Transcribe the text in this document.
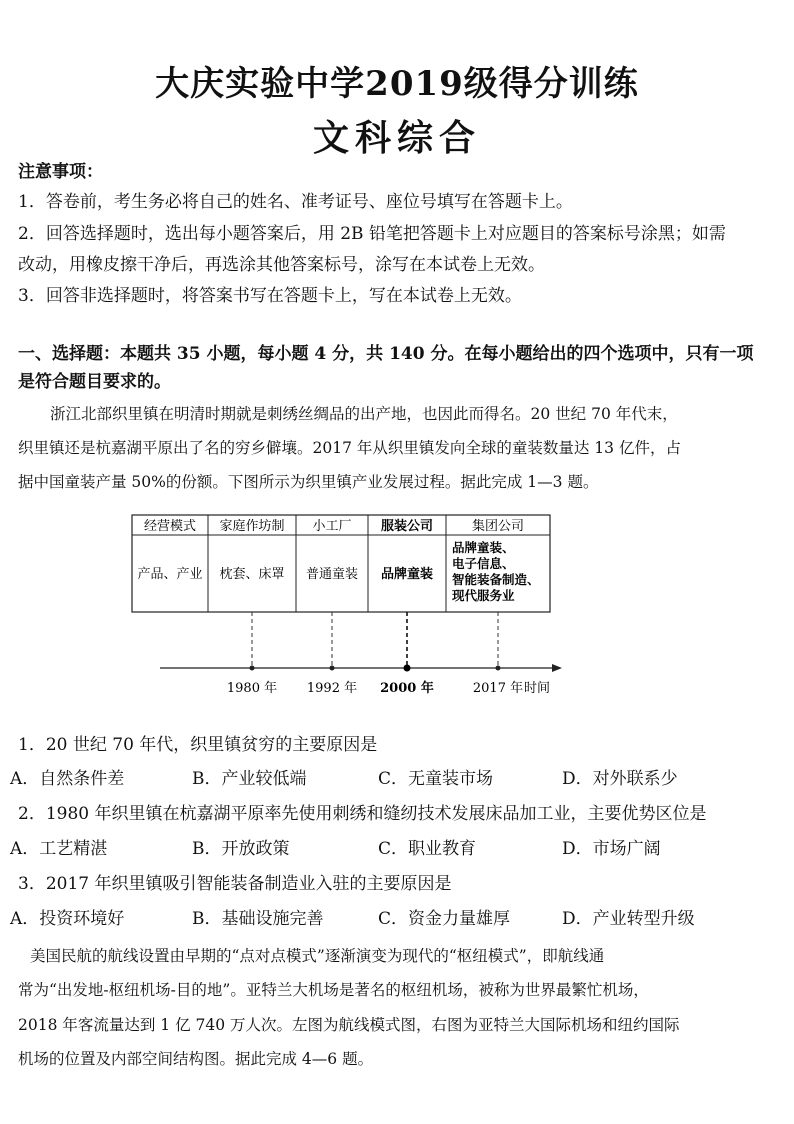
大庆实验中学2019级得分训练
文科综合
注意事项：
1．答卷前，考生务必将自己的姓名、准考证号、座位号填写在答题卡上。
2．回答选择题时，选出每小题答案后，用 2B 铅笔把答题卡上对应题目的答案标号涂黑；如需
改动，用橡皮擦干净后，再选涂其他答案标号，涂写在本试卷上无效。
3．回答非选择题时，将答案书写在答题卡上，写在本试卷上无效。
一、选择题：本题共 35 小题，每小题 4 分，共 140 分。在每小题给出的四个选项中，只有一项
是符合题目要求的。
浙江北部织里镇在明清时期就是刺绣丝绸品的出产地，也因此而得名。20 世纪 70 年代末，
织里镇还是杭嘉湖平原出了名的穷乡僻壤。2017 年从织里镇发向全球的童装数量达 13 亿件，占
据中国童装产量 50%的份额。下图所示为织里镇产业发展过程。据此完成 1—3 题。
经营模式 家庭作坊制 小工厂 服装公司	集团公司
产品、产业 枕套、床罩 普通童装 品牌童装
品牌童装、
电子信息、
智能装备制造、
现代服务业
1980 年 1992 年 2000 年	2017 年 时间
1．20 世纪 70 年代，织里镇贫穷的主要原因是
A．自然条件差	B．产业较低端	C．无童装市场	D．对外联系少
2．1980 年织里镇在杭嘉湖平原率先使用刺绣和缝纫技术发展床品加工业，主要优势区位是
A．工艺精湛	B．开放政策	C．职业教育	D．市场广阔
3．2017 年织里镇吸引智能装备制造业入驻的主要原因是
A．投资环境好	B．基础设施完善	C．资金力量雄厚	D．产业转型升级
美国民航的航线设置由早期的“点对点模式”逐渐演变为现代的“枢纽模式”，即航线通
常为“出发地-枢纽机场-目的地”。亚特兰大机场是著名的枢纽机场，被称为世界最繁忙机场，
2018 年客流量达到 1 亿 740 万人次。左图为航线模式图，右图为亚特兰大国际机场和纽约国际
机场的位置及内部空间结构图。据此完成 4—6 题。
